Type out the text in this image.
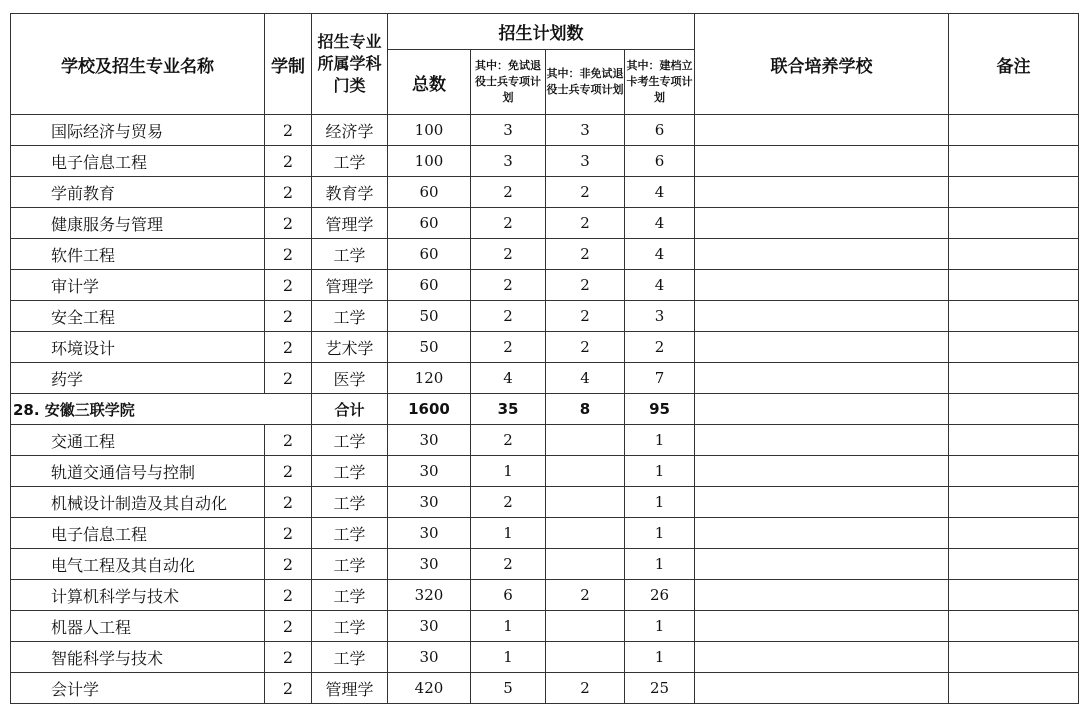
学校及招生专业名称	学制	招生专业所属学科门类	招生计划数				联合培养学校	备注
			总数	其中：免试退役士兵专项计划	其中：非免试退役士兵专项计划	其中：建档立卡考生专项计划		
国际经济与贸易	2	经济学	100	3	3	6		
电子信息工程	2	工学	100	3	3	6		
学前教育	2	教育学	60	2	2	4		
健康服务与管理	2	管理学	60	2	2	4		
软件工程	2	工学	60	2	2	4		
审计学	2	管理学	60	2	2	4		
安全工程	2	工学	50	2	2	3		
环境设计	2	艺术学	50	2	2	2		
药学	2	医学	120	4	4	7		
28. 安徽三联学院		合计	1600	35	8	95		
交通工程	2	工学	30	2		1		
轨道交通信号与控制	2	工学	30	1		1		
机械设计制造及其自动化	2	工学	30	2		1		
电子信息工程	2	工学	30	1		1		
电气工程及其自动化	2	工学	30	2		1		
计算机科学与技术	2	工学	320	6	2	26		
机器人工程	2	工学	30	1		1		
智能科学与技术	2	工学	30	1		1		
会计学	2	管理学	420	5	2	25		
